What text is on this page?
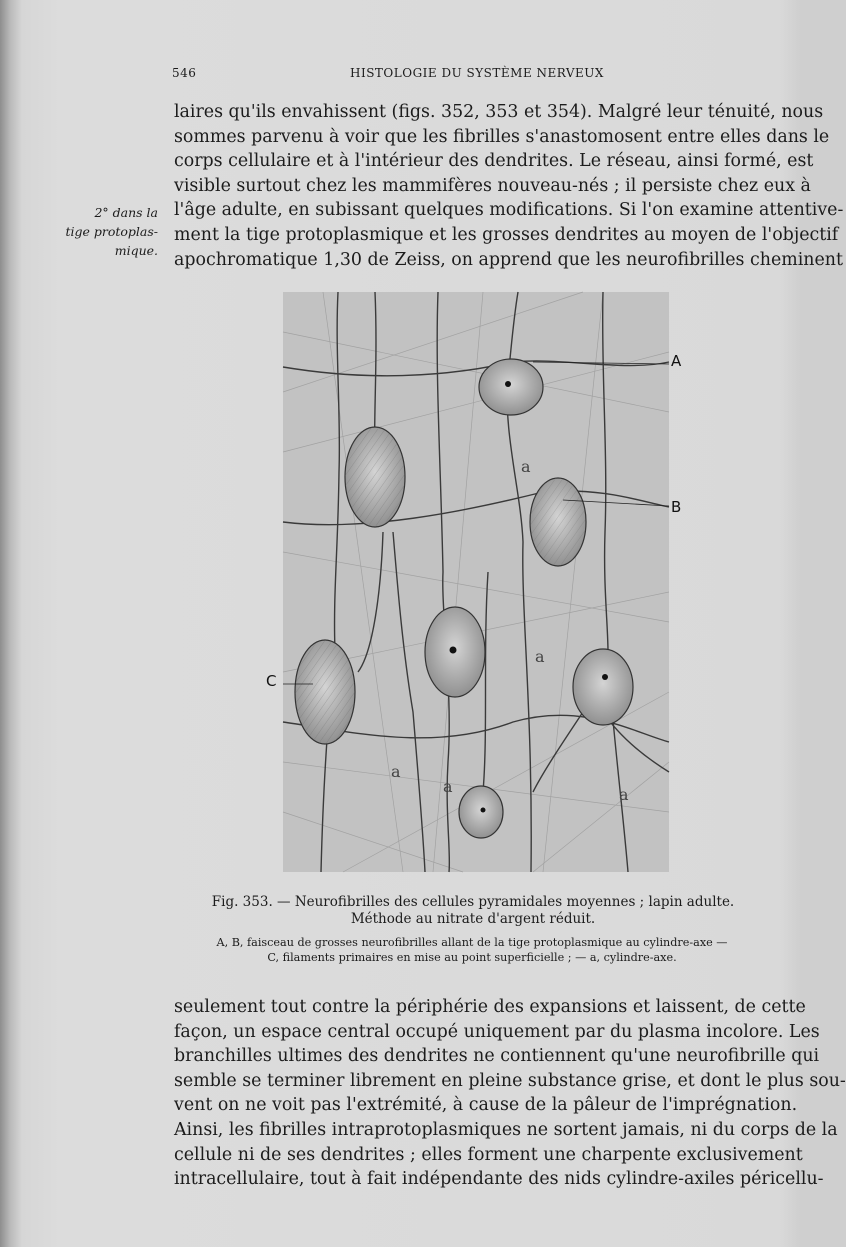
546	HISTOLOGIE DU SYSTÈME NERVEUX
laires qu'ils envahissent (figs. 352, 353 et 354). Malgré leur ténuité, nous
sommes parvenu à voir que les fibrilles s'anastomosent entre elles dans le
corps cellulaire et à l'intérieur des dendrites. Le réseau, ainsi formé, est
visible surtout chez les mammifères nouveau-nés ; il persiste chez eux à
l'âge adulte, en subissant quelques modifications. Si l'on examine attentive-
ment la tige protoplasmique et les grosses dendrites au moyen de l'objectif
apochromatique 1,30 de Zeiss, on apprend que les neurofibrilles cheminent
2° dans la
tige protoplas-
mique.
a
a
a
a	a
A
B
C
Fig. 353. — Neurofibrilles des cellules pyramidales moyennes ; lapin adulte.
Méthode au nitrate d'argent réduit.
A, B, faisceau de grosses neurofibrilles allant de la tige protoplasmique au cylindre-axe —
C, filaments primaires en mise au point superficielle ; — a, cylindre-axe.
seulement tout contre la périphérie des expansions et laissent, de cette
façon, un espace central occupé uniquement par du plasma incolore. Les
branchilles ultimes des dendrites ne contiennent qu'une neurofibrille qui
semble se terminer librement en pleine substance grise, et dont le plus sou-
vent on ne voit pas l'extrémité, à cause de la pâleur de l'imprégnation.
Ainsi, les fibrilles intraprotoplasmiques ne sortent jamais, ni du corps de la
cellule ni de ses dendrites ; elles forment une charpente exclusivement
intracellulaire, tout à fait indépendante des nids cylindre-axiles péricellu-
